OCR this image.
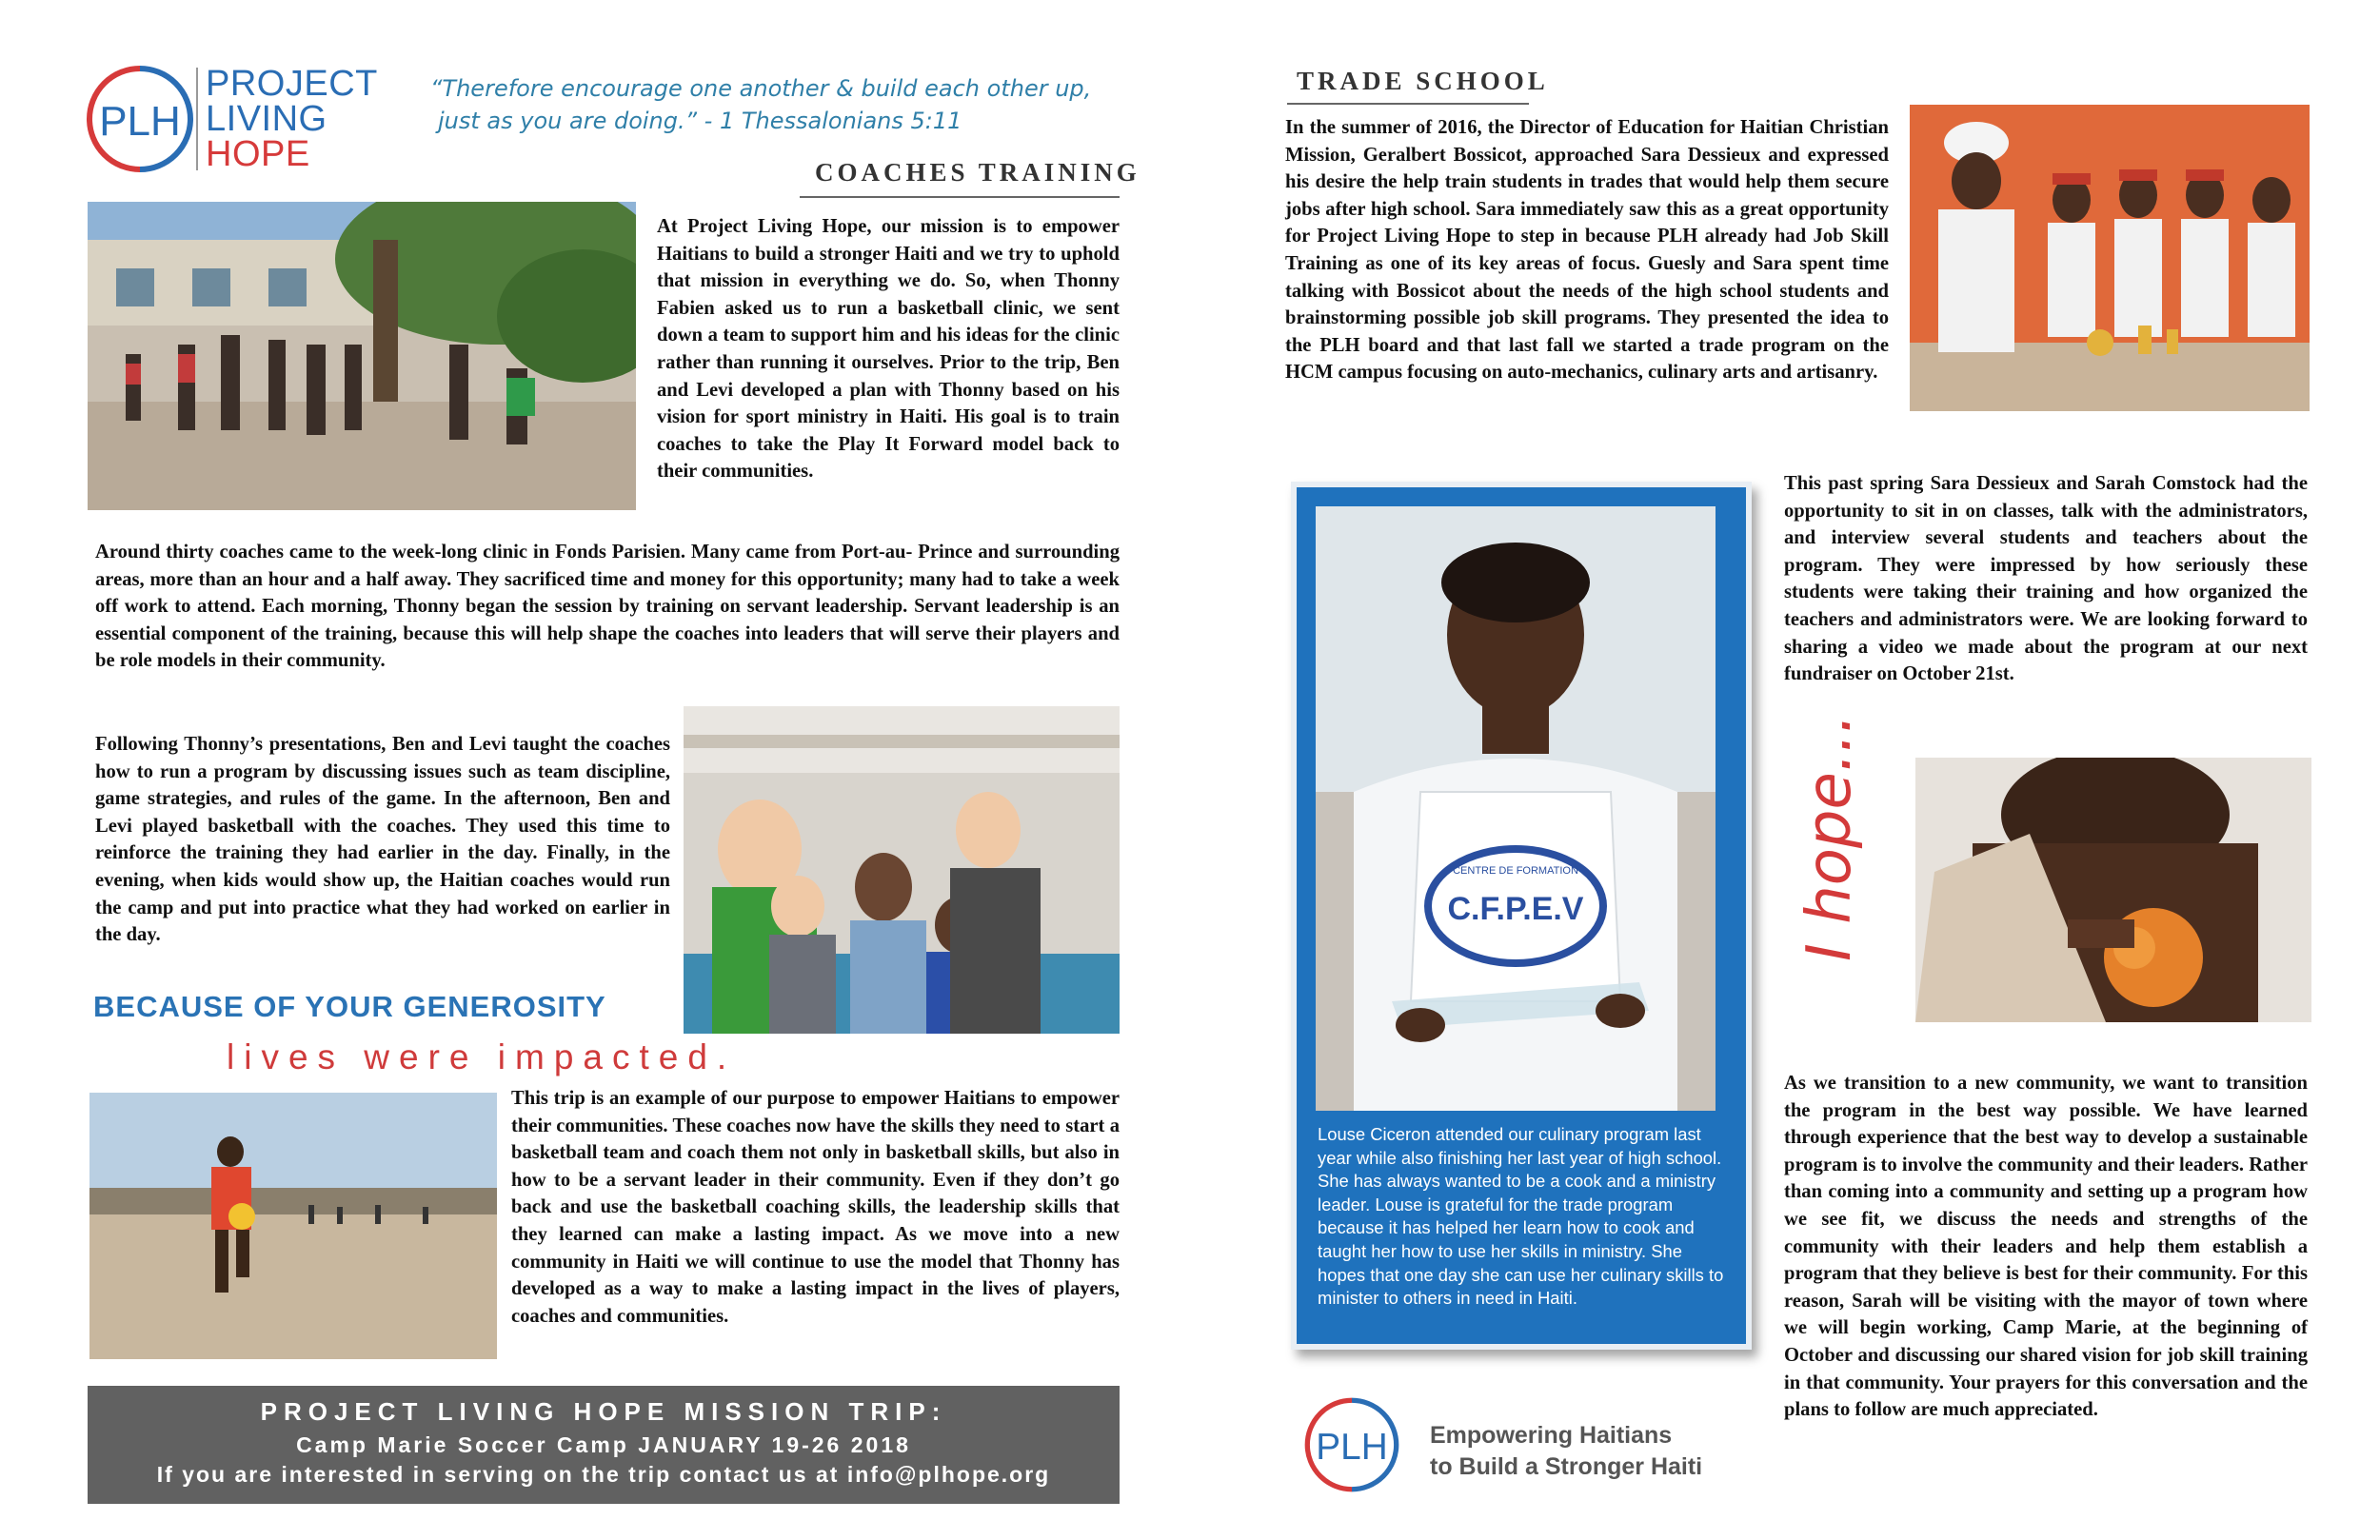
PLH
PROJECT
LIVING
HOPE
“Therefore encourage one another & build each other up,
just as you are doing.” - 1 Thessalonians 5:11
COACHES TRAINING

At Project Living Hope, our mission is to empower Haitians to build a stronger Haiti and we try to uphold that mission in everything we do. So, when Thonny Fabien asked us to run a basketball clinic, we sent down a team to support him and his ideas for the clinic rather than running it ourselves. Prior to the trip, Ben and Levi developed a plan with Thonny based on his vision for sport ministry in Haiti. His goal is to train coaches to take the Play It Forward model back to their communities.

Around thirty coaches came to the week-long clinic in Fonds Parisien. Many came from Port-au- Prince and surrounding areas, more than an hour and a half away. They sacrificed time and money for this opportunity; many had to take a week off work to attend. Each morning, Thonny began the session by training on servant leadership. Servant leadership is an essential component of the training, because this will help shape the coaches into leaders that will serve their players and be role models in their community.

Following Thonny’s presentations, Ben and Levi taught the coaches how to run a program by discussing issues such as team discipline, game strategies, and rules of the game. In the afternoon, Ben and Levi played basketball with the coaches. They used this time to reinforce the training they had earlier in the day. Finally, in the evening, when kids would show up, the Haitian coaches would run the camp and put into practice what they had worked on earlier in the day.

BECAUSE OF YOUR GENEROSITY
lives were impacted.

This trip is an example of our purpose to empower Haitians to empower their communities. These coaches now have the skills they need to start a basketball team and coach them not only in basketball skills, but also in how to be a servant leader in their community. Even if they don’t go back and use the basketball coaching skills, the leadership skills that they learned can make a lasting impact. As we move into a new community in Haiti we will continue to use the model that Thonny has developed as a way to make a lasting impact in the lives of players, coaches and communities.

PROJECT LIVING HOPE MISSION TRIP:
Camp Marie Soccer Camp JANUARY 19-26 2018
If you are interested in serving on the trip contact us at info@plhope.org
TRADE SCHOOL

In the summer of 2016, the Director of Education for Haitian Christian Mission, Geralbert Bossicot, approached Sara Dessieux and expressed his desire the help train students in trades that would help them secure jobs after high school. Sara immediately saw this as a great opportunity for Project Living Hope to step in because PLH already had Job Skill Training as one of its key areas of focus. Guesly and Sara spent time talking with Bossicot about the needs of the high school students and brainstorming possible job skill programs. They presented the idea to the PLH board and that last fall we started a trade program on the HCM campus focusing on auto-mechanics, culinary arts and artisanry.

C.F.P.E.V
CENTRE DE FORMATION
Louse Ciceron attended our culinary program last year while also finishing her last year of high school. She has always wanted to be a cook and a ministry leader. Louse is grateful for the trade program because it has helped her learn how to cook and taught her how to use her skills in ministry. She hopes that one day she can use her culinary skills to minister to others in need in Haiti.

This past spring Sara Dessieux and Sarah Comstock had the opportunity to sit in on classes, talk with the administrators, and interview several students and teachers about the program. They were impressed by how seriously these students were taking their training and how organized the teachers and administrators were. We are looking forward to sharing a video we made about the program at our next fundraiser on October 21st.

I hope...

As we transition to a new community, we want to transition the program in the best way possible. We have learned through experience that the best way to develop a sustainable program is to involve the community and their leaders. Rather than coming into a community and setting up a program how we see fit, we discuss the needs and strengths of the community with their leaders and help them establish a program that they believe is best for their community. For this reason, Sarah will be visiting with the mayor of town where we will begin working, Camp Marie, at the beginning of October and discussing our shared vision for job skill training in that community. Your prayers for this conversation and the plans to follow are much appreciated.

PLH Empowering Haitians
to Build a Stronger Haiti
